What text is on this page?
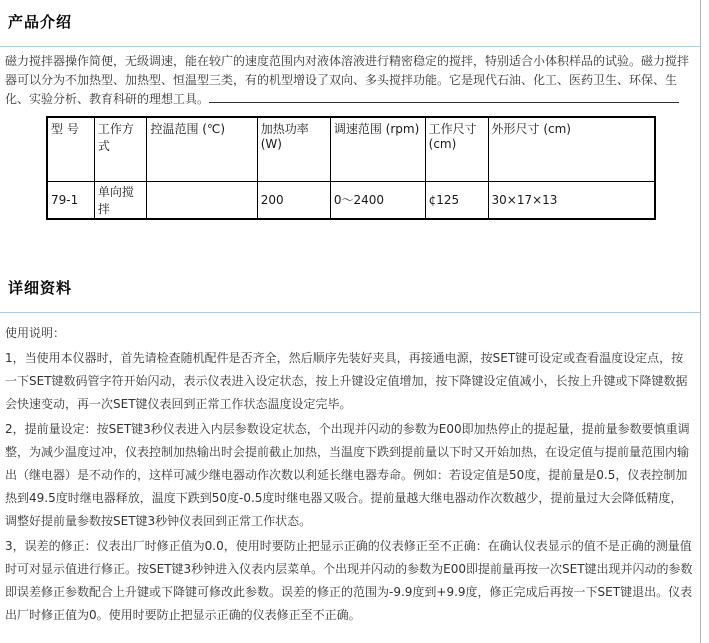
产品介绍

磁力搅拌器操作简便，无级调速，能在较广的速度范围内对液体溶液进行精密稳定的搅拌，特别适合小体积样品的试验。磁力搅拌器可以分为不加热型、加热型、恒温型三类，有的机型增设了双向、多头搅拌功能。它是现代石油、化工、医药卫生、环保、生化、实验分析、教育科研的理想工具。

型 号	工作方式	控温范围 (℃)	加热功率 (W)	调速范围 (rpm)	工作尺寸 (cm)	外形尺寸 (cm)
79-1	单向搅拌		200	0～2400	¢125	30×17×13
详细资料

使用说明：

1，当使用本仪器时，首先请检查随机配件是否齐全，然后顺序先装好夹具，再接通电源，按SET键可设定或查看温度设定点，按一下SET键数码管字符开始闪动，表示仪表进入设定状态，按上升键设定值增加，按下降键设定值减小，长按上升键或下降键数据会快速变动，再一次SET键仪表回到正常工作状态温度设定完毕。

2，提前量设定：按SET键3秒仪表进入内层参数设定状态，个出现并闪动的参数为E00即加热停止的提起量，提前量参数要慎重调整，为减少温度过冲，仪表控制加热输出时会提前截止加热，当温度下跌到提前量以下时又开始加热，在设定值与提前量范围内输出（继电器）是不动作的，这样可减少继电器动作次数以利延长继电器寿命。例如：若设定值是50度，提前量是0.5，仪表控制加热到49.5度时继电器释放，温度下跌到50度-0.5度时继电器又吸合。提前量越大继电器动作次数越少，提前量过大会降低精度，调整好提前量参数按SET键3秒钟仪表回到正常工作状态。

3，误差的修正：仪表出厂时修正值为0.0，使用时要防止把显示正确的仪表修正至不正确：在确认仪表显示的值不是正确的测量值时可对显示值进行修正。按SET键3秒钟进入仪表内层菜单。个出现并闪动的参数为E00即提前量再按一次SET键出现并闪动的参数即误差修正参数配合上升键或下降键可修改此参数。误差的修正的范围为-9.9度到+9.9度，修正完成后再按一下SET键退出。仪表出厂时修正值为0。使用时要防止把显示正确的仪表修正至不正确。
